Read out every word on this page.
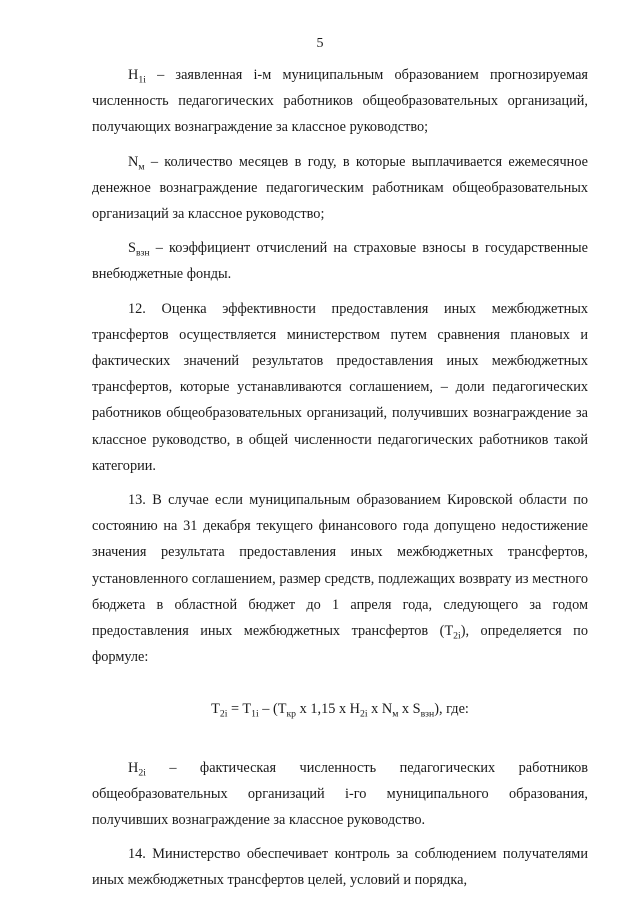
5

$H_{1i}$ – заявленная i-м муниципальным образованием прогнозируемая численность педагогических работников общеобразовательных организаций, получающих вознаграждение за классное руководство;

$N_м$ – количество месяцев в году, в которые выплачивается ежемесячное денежное вознаграждение педагогическим работникам общеобразовательных организаций за классное руководство;

$S_{взн}$ – коэффициент отчислений на страховые взносы в государственные внебюджетные фонды.

12. Оценка эффективности предоставления иных межбюджетных трансфертов осуществляется министерством путем сравнения плановых и фактических значений результатов предоставления иных межбюджетных трансфертов, которые устанавливаются соглашением, – доли педагогических работников общеобразовательных организаций, получивших вознаграждение за классное руководство, в общей численности педагогических работников такой категории.

13. В случае если муниципальным образованием Кировской области по состоянию на 31 декабря текущего финансового года допущено недостижение значения результата предоставления иных межбюджетных трансфертов, установленного соглашением, размер средств, подлежащих возврату из местного бюджета в областной бюджет до 1 апреля года, следующего за годом предоставления иных межбюджетных трансфертов $(T_{2i})$, определяется по формуле:

$T_{2i} = T_{1i} - (T_{кр}$ x 1,15 x $H_{2i}$ x $N_м$ x $S_{взн}$), где:

$H_{2i}$ – фактическая численность педагогических работников общеобразовательных организаций i-го муниципального образования, получивших вознаграждение за классное руководство.

14. Министерство обеспечивает контроль за соблюдением получателями иных межбюджетных трансфертов целей, условий и порядка,
